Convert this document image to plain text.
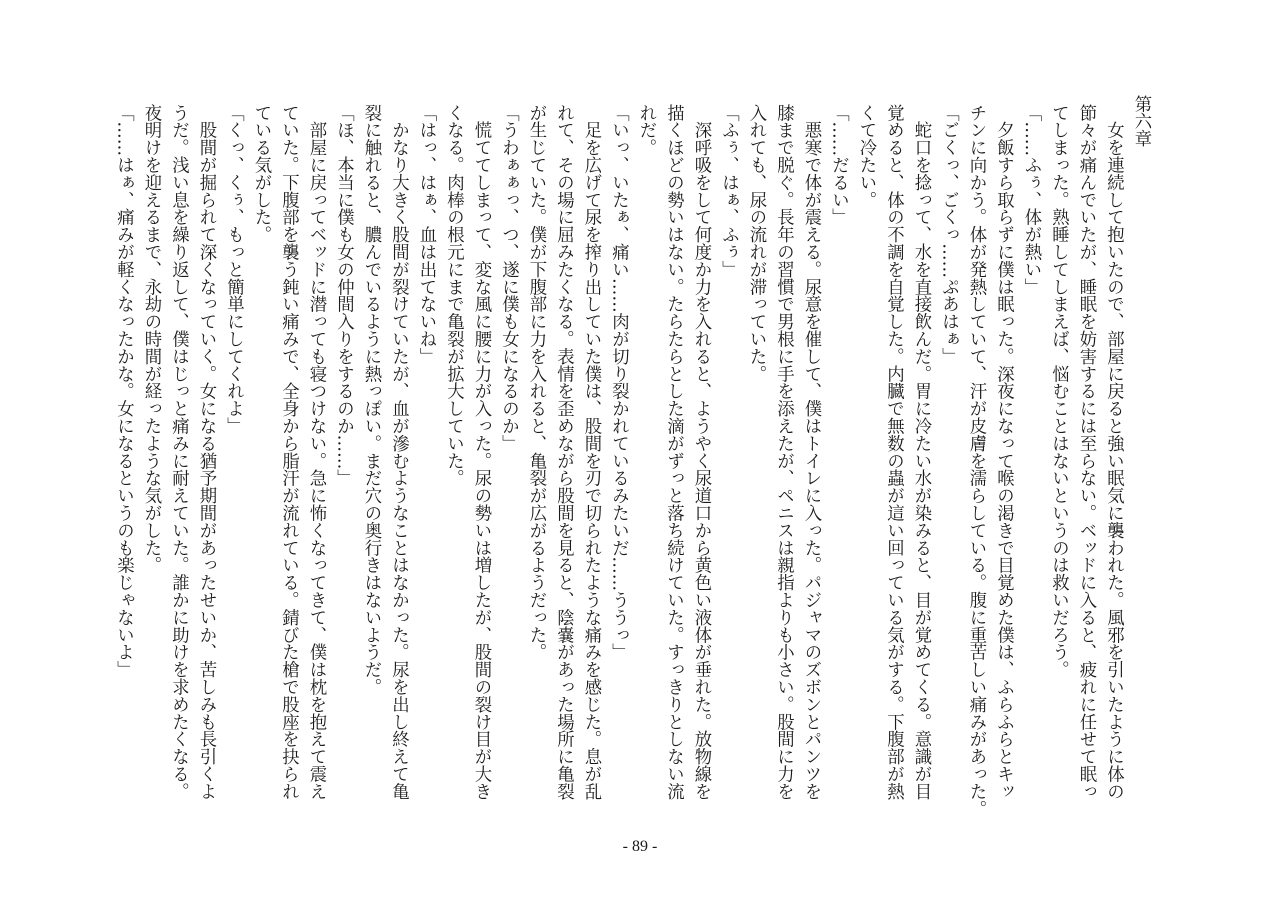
第六章
　女を連続して抱いたので、部屋に戻ると強い眠気に襲われた。風邪を引いたように体の
節々が痛んでいたが、睡眠を妨害するには至らない。ベッドに入ると、疲れに任せて眠っ
てしまった。熟睡してしまえば、悩むことはないというのは救いだろう。
「……ふぅ、体が熱い」
　夕飯すら取らずに僕は眠った。深夜になって喉の渇きで目覚めた僕は、ふらふらとキッ
チンに向かう。体が発熱していて、汗が皮膚を濡らしている。腹に重苦しい痛みがあった。
「ごくっ、ごくっ……ぷあはぁ」
　蛇口を捻って、水を直接飲んだ。胃に冷たい水が染みると、目が覚めてくる。意識が目
覚めると、体の不調を自覚した。内臓で無数の蟲が這い回っている気がする。下腹部が熱
くて冷たい。
「……だるい」
　悪寒で体が震える。尿意を催して、僕はトイレに入った。パジャマのズボンとパンツを
膝まで脱ぐ。長年の習慣で男根に手を添えたが、ペニスは親指よりも小さい。股間に力を
入れても、尿の流れが滞っていた。
「ふぅ、はぁ、ふぅ」
　深呼吸をして何度か力を入れると、ようやく尿道口から黄色い液体が垂れた。放物線を
描くほどの勢いはない。たらたらとした滴がずっと落ち続けていた。すっきりとしない流
れだ。
「いっ、いたぁ、痛い……肉が切り裂かれているみたいだ……ううっ」
　足を広げて尿を搾り出していた僕は、股間を刃で切られたような痛みを感じた。息が乱
れて、その場に屈みたくなる。表情を歪めながら股間を見ると、陰嚢があった場所に亀裂
が生じていた。僕が下腹部に力を入れると、亀裂が広がるようだった。
「うわぁぁっ、つ、遂に僕も女になるのか」
　慌ててしまって、変な風に腰に力が入った。尿の勢いは増したが、股間の裂け目が大き
くなる。肉棒の根元にまで亀裂が拡大していた。
「はっ、はぁ、血は出てないね」
　かなり大きく股間が裂けていたが、血が滲むようなことはなかった。尿を出し終えて亀
裂に触れると、膿んでいるように熱っぽい。まだ穴の奥行きはないようだ。
「ほ、本当に僕も女の仲間入りをするのか……」
　部屋に戻ってベッドに潜っても寝つけない。急に怖くなってきて、僕は枕を抱えて震え
ていた。下腹部を襲う鈍い痛みで、全身から脂汗が流れている。錆びた槍で股座を抉られ
ている気がした。
「くっ、くぅ、もっと簡単にしてくれよ」
　股間が掘られて深くなっていく。女になる猶予期間があったせいか、苦しみも長引くよ
うだ。浅い息を繰り返して、僕はじっと痛みに耐えていた。誰かに助けを求めたくなる。
夜明けを迎えるまで、永劫の時間が経ったような気がした。
「……はぁ、痛みが軽くなったかな。女になるというのも楽じゃないよ」
- 89 -
